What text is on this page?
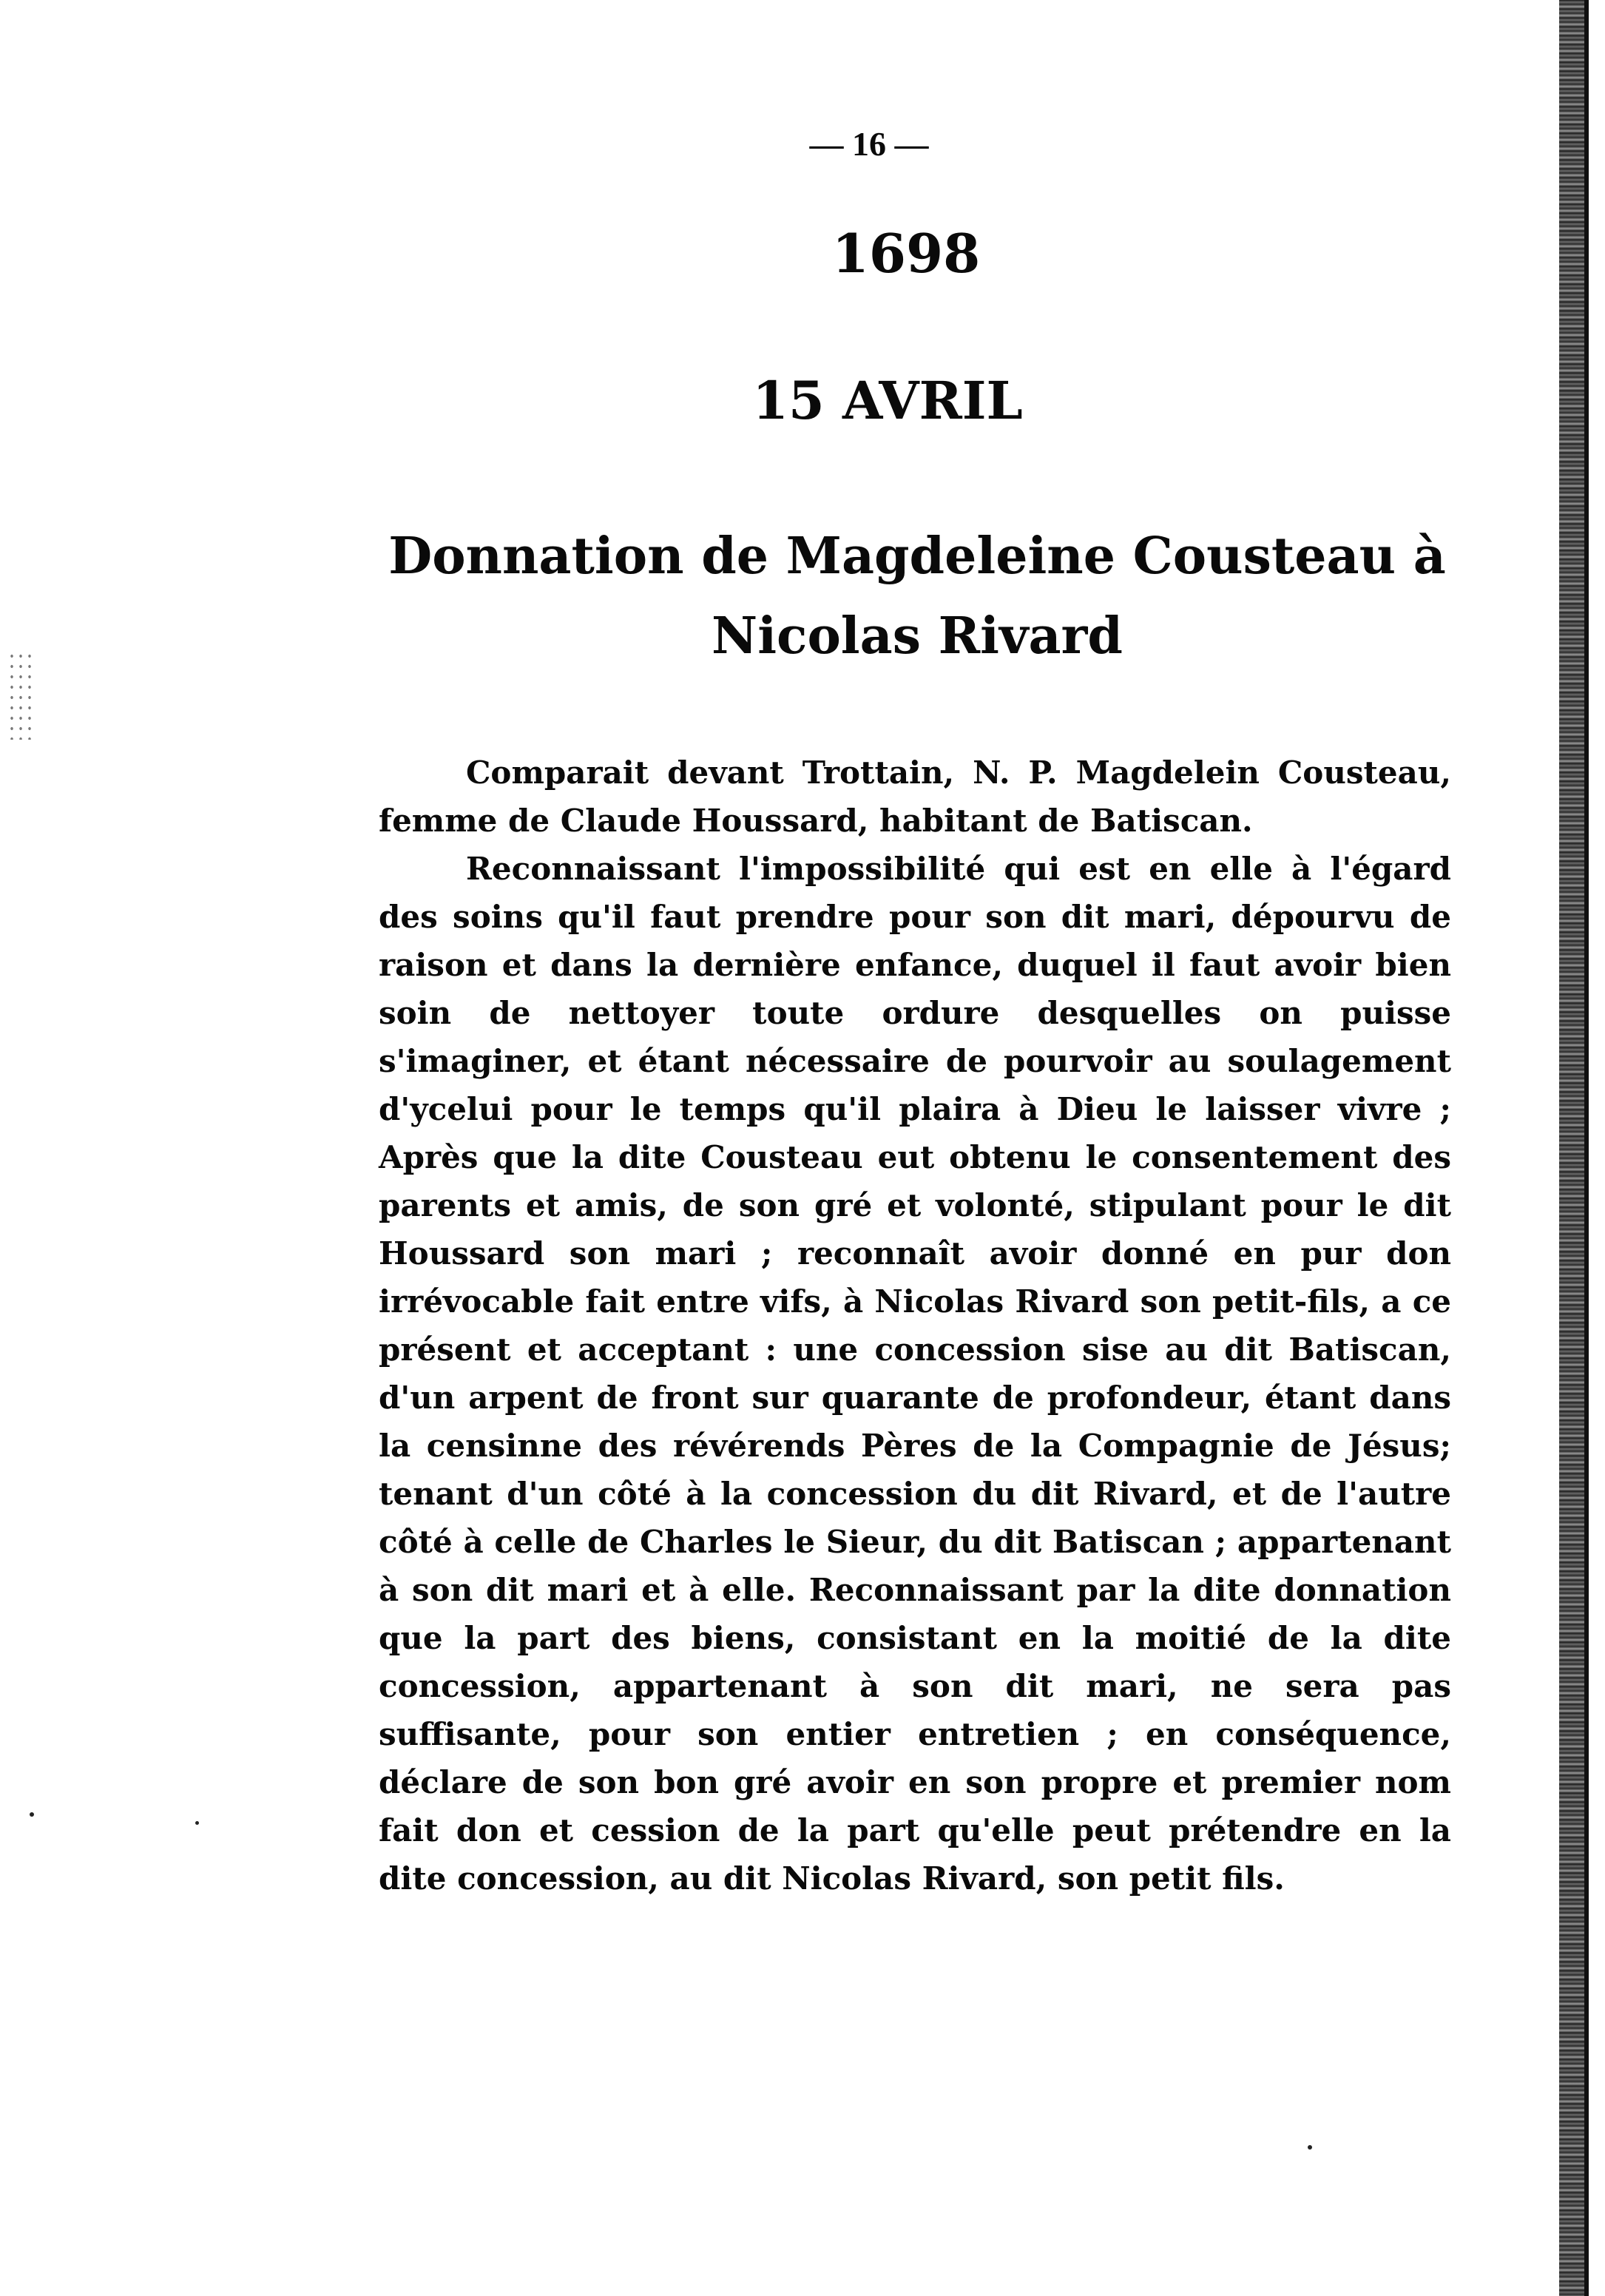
— 16 —
1698
15 AVRIL
Donnation de Magdeleine Cousteau à
Nicolas Rivard

Comparait devant Trottain, N. P. Magdelein Cousteau, femme de Claude Houssard, habitant de Batiscan.

Reconnaissant l'impossibilité qui est en elle à l'égard des soins qu'il faut prendre pour son dit mari, dépourvu de raison et dans la dernière enfance, duquel il faut avoir bien soin de nettoyer toute ordure desquelles on puisse s'imaginer, et étant nécessaire de pourvoir au soulagement d'ycelui pour le temps qu'il plaira à Dieu le laisser vivre ; Après que la dite Cousteau eut obtenu le consentement des parents et amis, de son gré et volonté, stipulant pour le dit Houssard son mari ; reconnaît avoir donné en pur don irrévocable fait entre vifs, à Nicolas Rivard son petit-fils, a ce présent et acceptant : une concession sise au dit Batiscan, d'un arpent de front sur quarante de profondeur, étant dans la censinne des révérends Pères de la Compagnie de Jésus; tenant d'un côté à la concession du dit Rivard, et de l'autre côté à celle de Charles le Sieur, du dit Batiscan ; appartenant à son dit mari et à elle. Reconnaissant par la dite donnation que la part des biens, consistant en la moitié de la dite concession, appartenant à son dit mari, ne sera pas suffisante, pour son entier entretien ; en conséquence, déclare de son bon gré avoir en son propre et premier nom fait don et cession de la part qu'elle peut prétendre en la dite concession, au dit Nicolas Rivard, son petit fils.
